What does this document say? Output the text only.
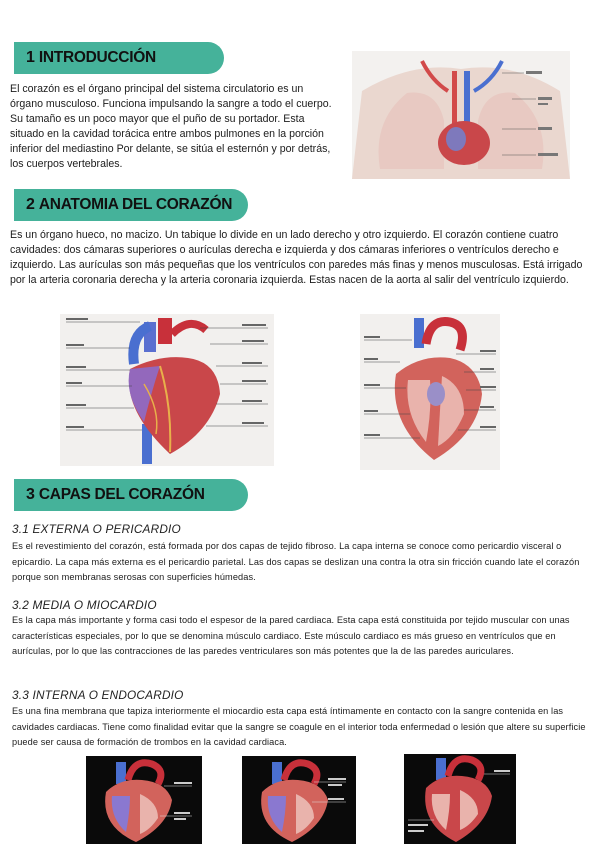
1 INTRODUCCIÓN
El corazón es el órgano principal del sistema circulatorio es un órgano musculoso. Funciona impulsando la sangre a todo el cuerpo. Su tamaño es un poco mayor que el puño de su portador. Esta situado en la cavidad torácica entre ambos pulmones en la porción inferior del mediastino Por delante, se sitúa el esternón y por detrás, los cuerpos vertebrales.
2 ANATOMIA DEL CORAZÓN
Es un órgano hueco, no macizo. Un tabique lo divide en un lado derecho y otro izquierdo. El corazón contiene cuatro cavidades: dos cámaras superiores o aurículas derecha e izquierda y dos cámaras inferiores o ventrículos derecho e izquierdo. Las aurículas son más pequeñas que los ventrículos con paredes más finas y menos musculosas. Está irrigado por la arteria coronaria derecha y la arteria coronaria izquierda. Estas nacen de la aorta al salir del ventrículo izquierdo.
3 CAPAS DEL CORAZÓN
3.1 EXTERNA O PERICARDIO
Es el revestimiento del corazón, está formada por dos capas de tejido fibroso. La capa interna se conoce como pericardio visceral o epicardio. La capa más externa es el pericardio parietal. Las dos capas se deslizan una contra la otra sin fricción cuando late el corazón porque son membranas serosas con superficies húmedas.
3.2 MEDIA O MIOCARDIO
Es la capa más importante y forma casi todo el espesor de la pared cardiaca. Esta capa está constituida por tejido muscular con unas características especiales, por lo que se denomina músculo cardiaco. Este músculo cardiaco es más grueso en ventrículos que en aurículas, por lo que las contracciones de las paredes ventriculares son más potentes que la de las paredes auriculares.
3.3 INTERNA O ENDOCARDIO
Es una fina membrana que tapiza interiormente el miocardio esta capa está íntimamente en contacto con la sangre contenida en las cavidades cardiacas. Tiene como finalidad evitar que la sangre se coagule en el interior toda enfermedad o lesión que altere su superficie puede ser causa de formación de trombos en la cavidad cardiaca.
